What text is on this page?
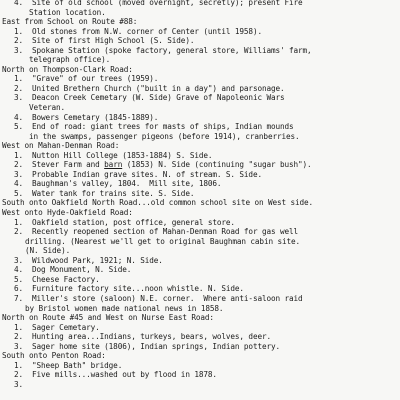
4.  Site of old school (moved overnight, secretly); present Fire
Station location.
East from School on Route #88:
1.  Old stones from N.W. corner of Center (until 1958).
2.  Site of first High School (S. Side).
3.  Spokane Station (spoke factory, general store, Williams' farm,
telegraph office).
North on Thompson-Clark Road:
1.  "Grave" of our trees (1959).
2.  United Brethern Church ("built in a day") and parsonage.
3.  Deacon Creek Cemetary (W. Side) Grave of Napoleonic Wars
Veteran.
4.  Bowers Cemetary (1845-1889).
5.  End of road: giant trees for masts of ships, Indian mounds
in the swamps, passenger pigeons (before 1914), cranberries.
West on Mahan-Denman Road:
1.  Nutton Hill College (1853-1884) S. Side.
2.  Stever Farm and barn (1853) N. Side (continuing "sugar bush").
3.  Probable Indian grave sites. N. of stream. S. Side.
4.  Baughman's valley, 1804.  Mill site, 1806.
5.  Water tank for trains site. S. Side.
South onto Oakfield North Road...old common school site on West side.
West onto Hyde-Oakfield Road:
1.  Oakfield station, post office, general store.
2.  Recently reopened section of Mahan-Denman Road for gas well
drilling. (Nearest we'll get to original Baughman cabin site.
(N. Side).
3.  Wildwood Park, 1921; N. Side.
4.  Dog Monument, N. Side.
5.  Cheese Factory.
6.  Furniture factory site...noon whistle. N. Side.
7.  Miller's store (saloon) N.E. corner.  Where anti-saloon raid
by Bristol women made national news in 1858.
North on Route #45 and West on Nurse East Road:
1.  Sager Cemetary.
2.  Hunting area...Indians, turkeys, bears, wolves, deer.
3.  Sager home site (1806), Indian springs, Indian pottery.
South onto Penton Road:
1.  "Sheep Bath" bridge.
2.  Five mills...washed out by flood in 1878.
3.
